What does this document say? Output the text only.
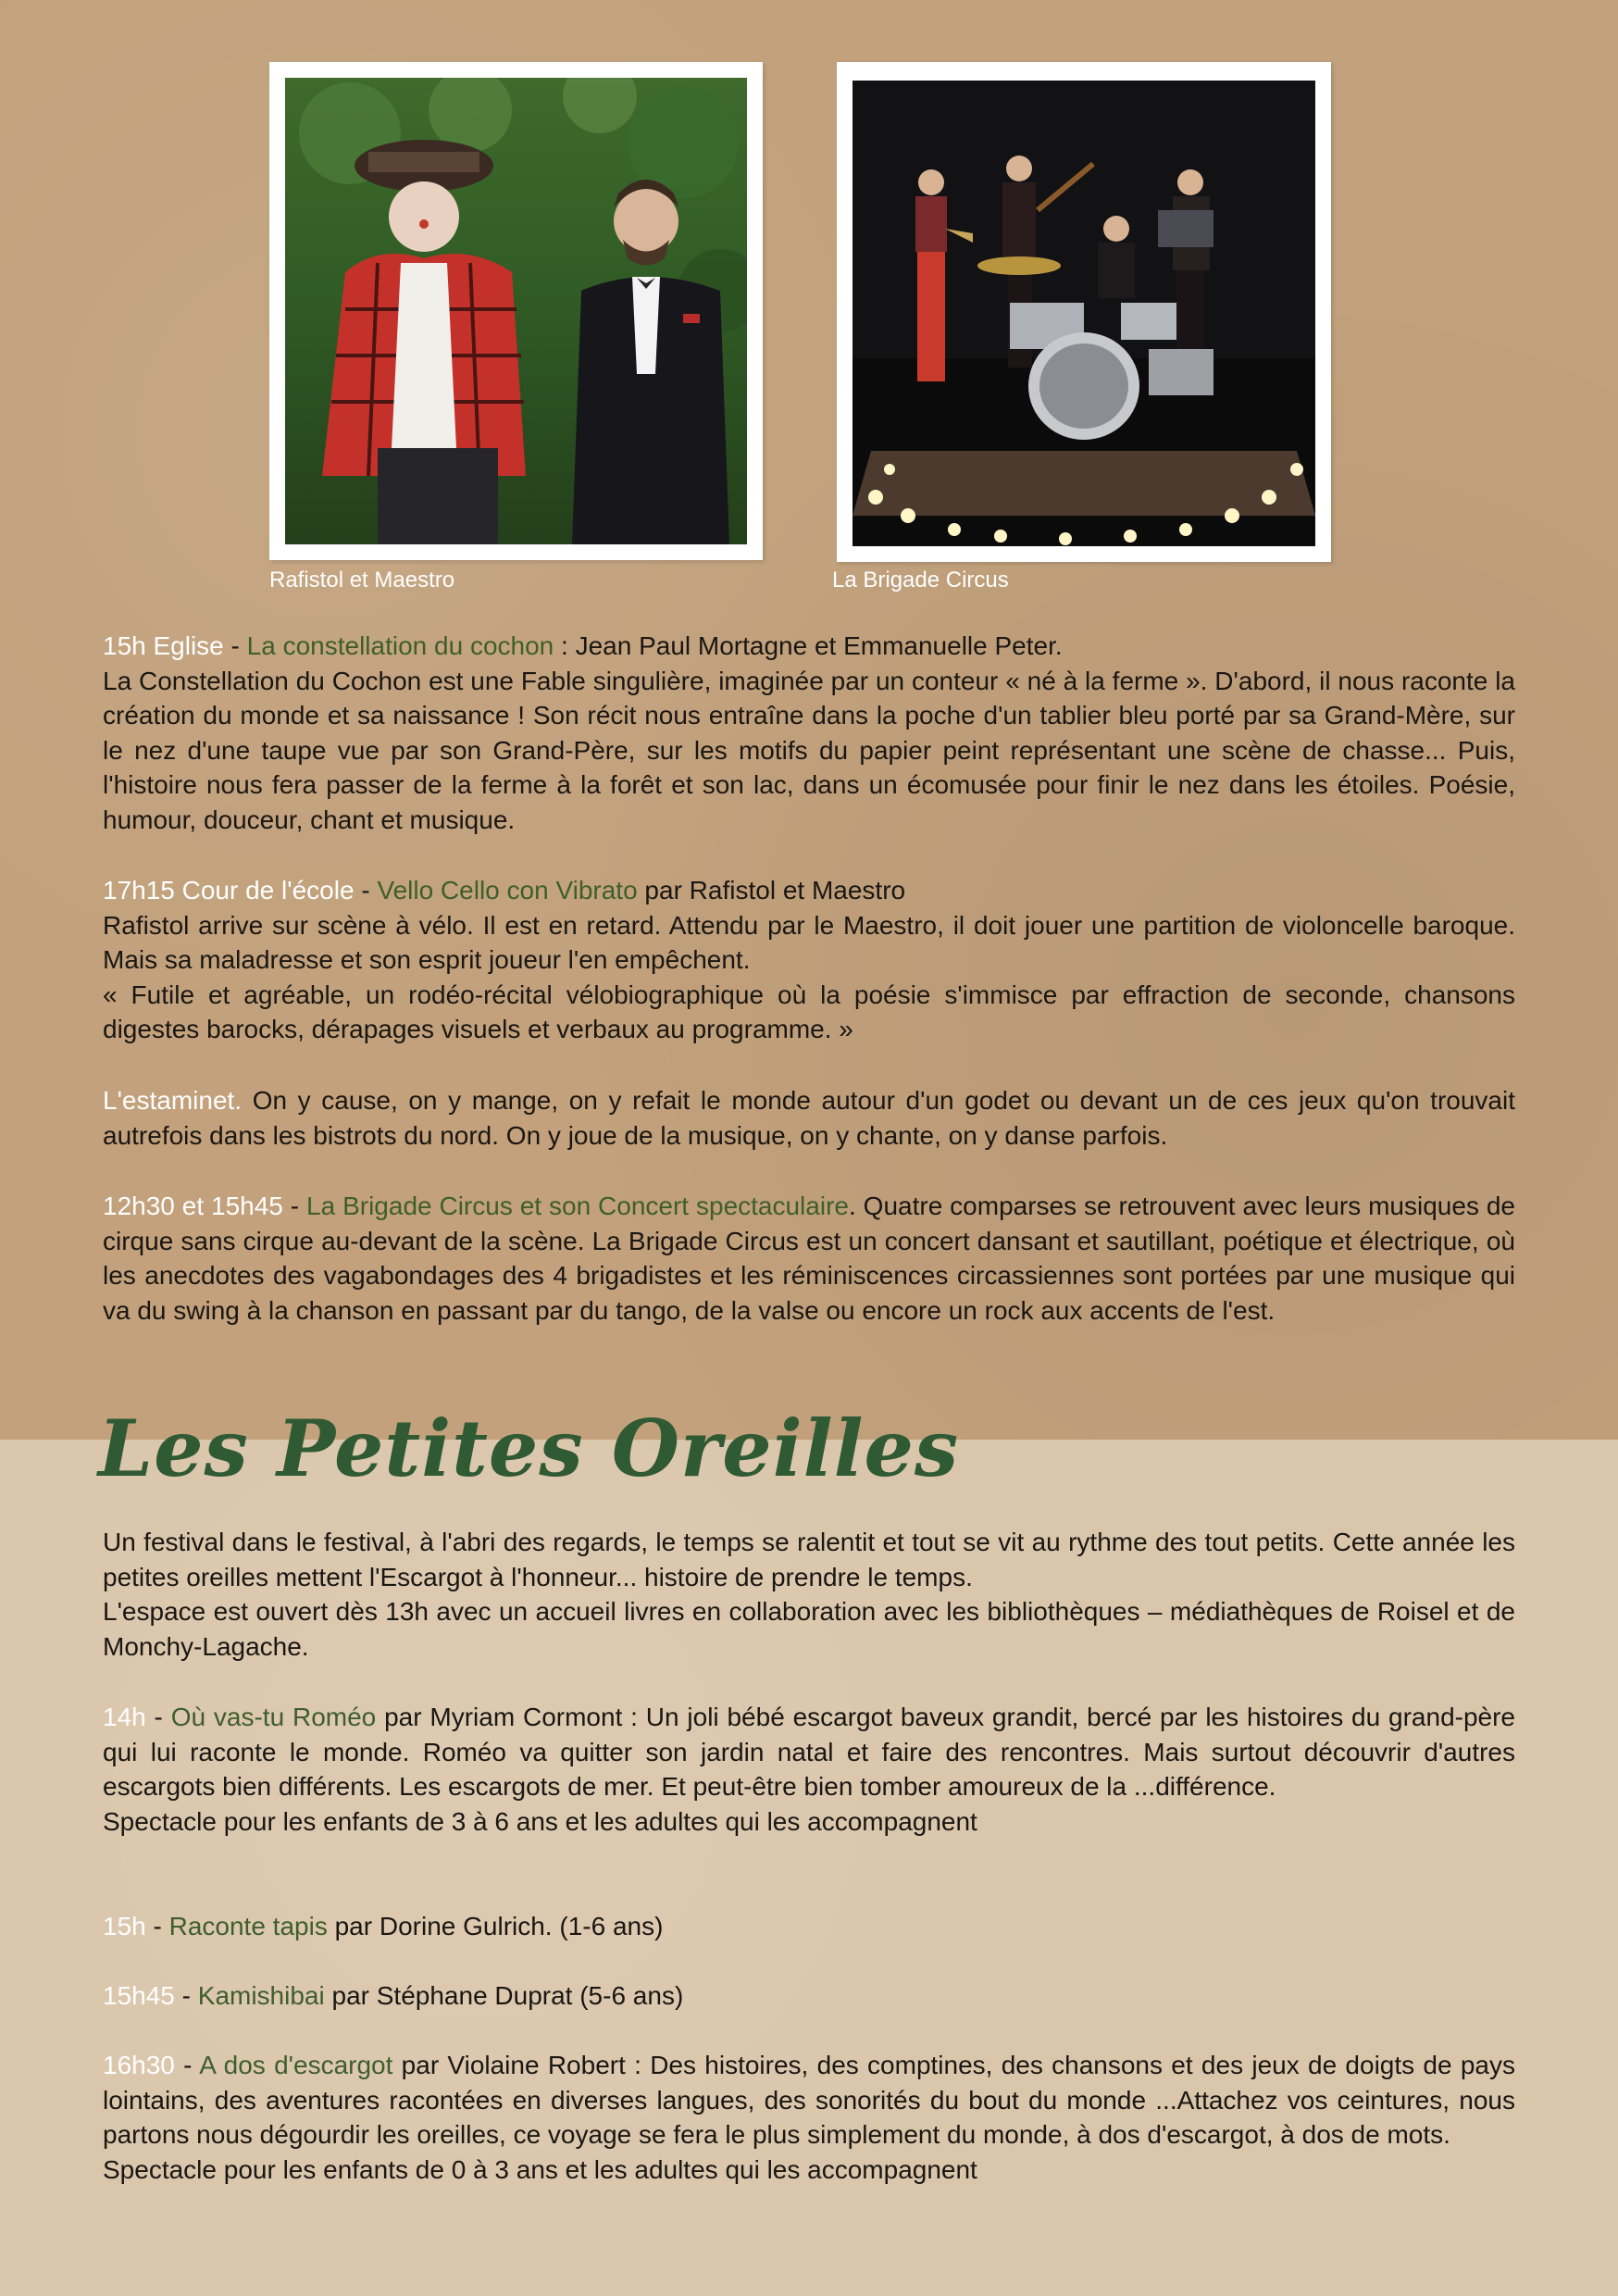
Rafistol et Maestro	La Brigade Circus

15h Eglise - La constellation du cochon : Jean Paul Mortagne et Emmanuelle Peter.

La Constellation du Cochon est une Fable singulière, imaginée par un conteur « né à la ferme ». D'abord, il nous raconte la création du monde et sa naissance ! Son récit nous entraîne dans la poche d'un tablier bleu porté par sa Grand-Mère, sur le nez d'une taupe vue par son Grand-Père, sur les motifs du papier peint représentant une scène de chasse... Puis, l'histoire nous fera passer de la ferme à la forêt et son lac, dans un écomusée pour finir le nez dans les étoiles. Poésie, humour, douceur, chant et musique.

17h15 Cour de l'école - Vello Cello con Vibrato par Rafistol et Maestro

Rafistol arrive sur scène à vélo. Il est en retard. Attendu par le Maestro, il doit jouer une partition de violoncelle baroque. Mais sa maladresse et son esprit joueur l'en empêchent.

« Futile et agréable, un rodéo-récital vélobiographique où la poésie s'immisce par effraction de seconde, chansons digestes barocks, dérapages visuels et verbaux au programme. »

L'estaminet. On y cause, on y mange, on y refait le monde autour d'un godet ou devant un de ces jeux qu'on trouvait autrefois dans les bistrots du nord. On y joue de la musique, on y chante, on y danse parfois.

12h30 et 15h45 - La Brigade Circus et son Concert spectaculaire. Quatre comparses se retrouvent avec leurs musiques de cirque sans cirque au-devant de la scène. La Brigade Circus est un concert dansant et sautillant, poétique et électrique, où les anecdotes des vagabondages des 4 brigadistes et les réminiscences circassiennes sont portées par une musique qui va du swing à la chanson en passant par du tango, de la valse ou encore un rock aux accents de l'est.

Les Petites Oreilles

Un festival dans le festival, à l'abri des regards, le temps se ralentit et tout se vit au rythme des tout petits. Cette année les petites oreilles mettent l'Escargot à l'honneur... histoire de prendre le temps.

L'espace est ouvert dès 13h avec un accueil livres en collaboration avec les bibliothèques – médiathèques de Roisel et de Monchy-Lagache.

14h - Où vas-tu Roméo par Myriam Cormont : Un joli bébé escargot baveux grandit, bercé par les histoires du grand-père qui lui raconte le monde. Roméo va quitter son jardin natal et faire des rencontres. Mais surtout découvrir d'autres escargots bien différents. Les escargots de mer. Et peut-être bien tomber amoureux de la ...différence.

Spectacle pour les enfants de 3 à 6 ans et les adultes qui les accompagnent

15h - Raconte tapis par Dorine Gulrich. (1-6 ans)

15h45 - Kamishibai par Stéphane Duprat (5-6 ans)

16h30 - A dos d'escargot par Violaine Robert : Des histoires, des comptines, des chansons et des jeux de doigts de pays lointains, des aventures racontées en diverses langues, des sonorités du bout du monde ...Attachez vos ceintures, nous partons nous dégourdir les oreilles, ce voyage se fera le plus simplement du monde, à dos d'escargot, à dos de mots.

Spectacle pour les enfants de 0 à 3 ans et les adultes qui les accompagnent
